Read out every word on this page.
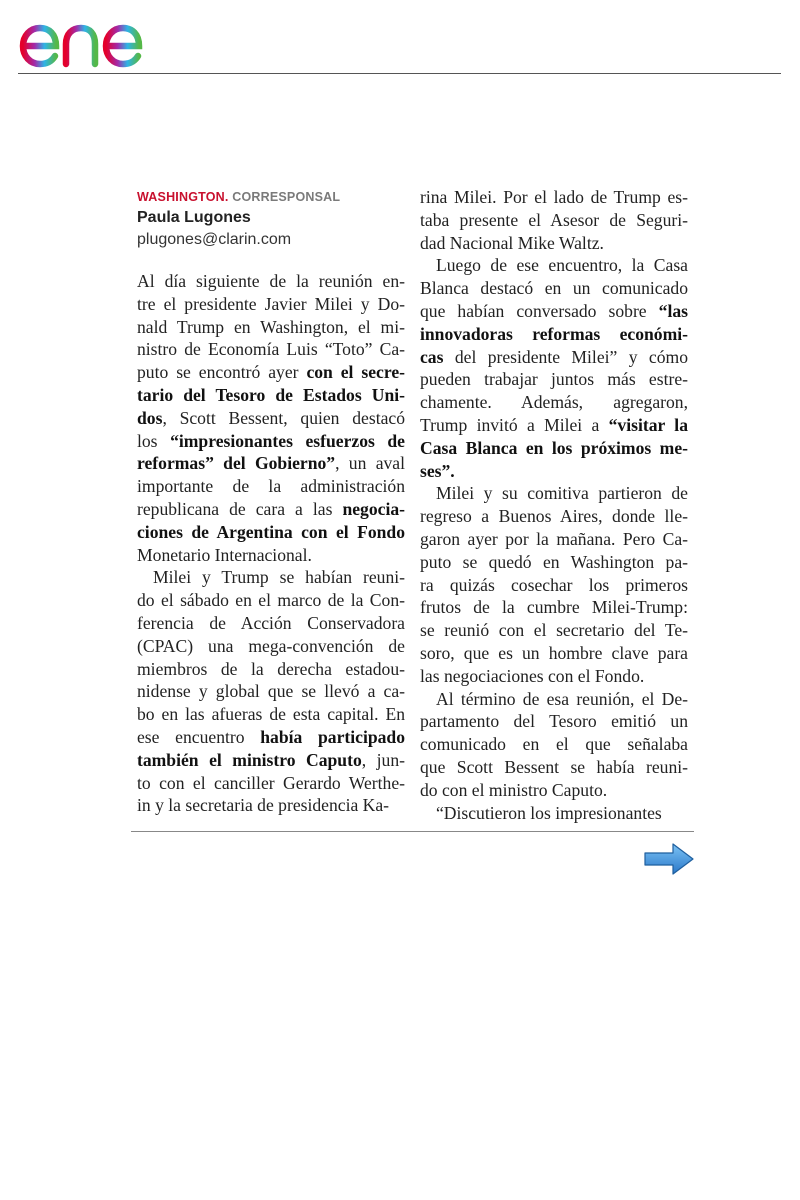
enel
WASHINGTON. CORRESPONSAL
Paula Lugones
plugones@clarin.com
Al día siguiente de la reunión en-
tre el presidente Javier Milei y Do-
nald Trump en Washington, el mi-
nistro de Economía Luis “Toto” Ca-
puto se encontró ayer con el secre-
tario del Tesoro de Estados Uni-
dos, Scott Bessent, quien destacó
los “impresionantes esfuerzos de
reformas” del Gobierno”, un aval
importante de la administración
republicana de cara a las negocia-
ciones de Argentina con el Fondo
Monetario Internacional.
Milei y Trump se habían reuni-
do el sábado en el marco de la Con-
ferencia de Acción Conservadora
(CPAC) una mega-convención de
miembros de la derecha estadou-
nidense y global que se llevó a ca-
bo en las afueras de esta capital. En
ese encuentro había participado
también el ministro Caputo, jun-
to con el canciller Gerardo Werthe-
in y la secretaria de presidencia Ka-
rina Milei. Por el lado de Trump es-
taba presente el Asesor de Seguri-
dad Nacional Mike Waltz.
Luego de ese encuentro, la Casa
Blanca destacó en un comunicado
que habían conversado sobre “las
innovadoras reformas económi-
cas del presidente Milei” y cómo
pueden trabajar juntos más estre-
chamente. Además, agregaron,
Trump invitó a Milei a “visitar la
Casa Blanca en los próximos me-
ses”.
Milei y su comitiva partieron de
regreso a Buenos Aires, donde lle-
garon ayer por la mañana. Pero Ca-
puto se quedó en Washington pa-
ra quizás cosechar los primeros
frutos de la cumbre Milei-Trump:
se reunió con el secretario del Te-
soro, que es un hombre clave para
las negociaciones con el Fondo.
Al término de esa reunión, el De-
partamento del Tesoro emitió un
comunicado en el que señalaba
que Scott Bessent se había reuni-
do con el ministro Caputo.
“Discutieron los impresionantes
